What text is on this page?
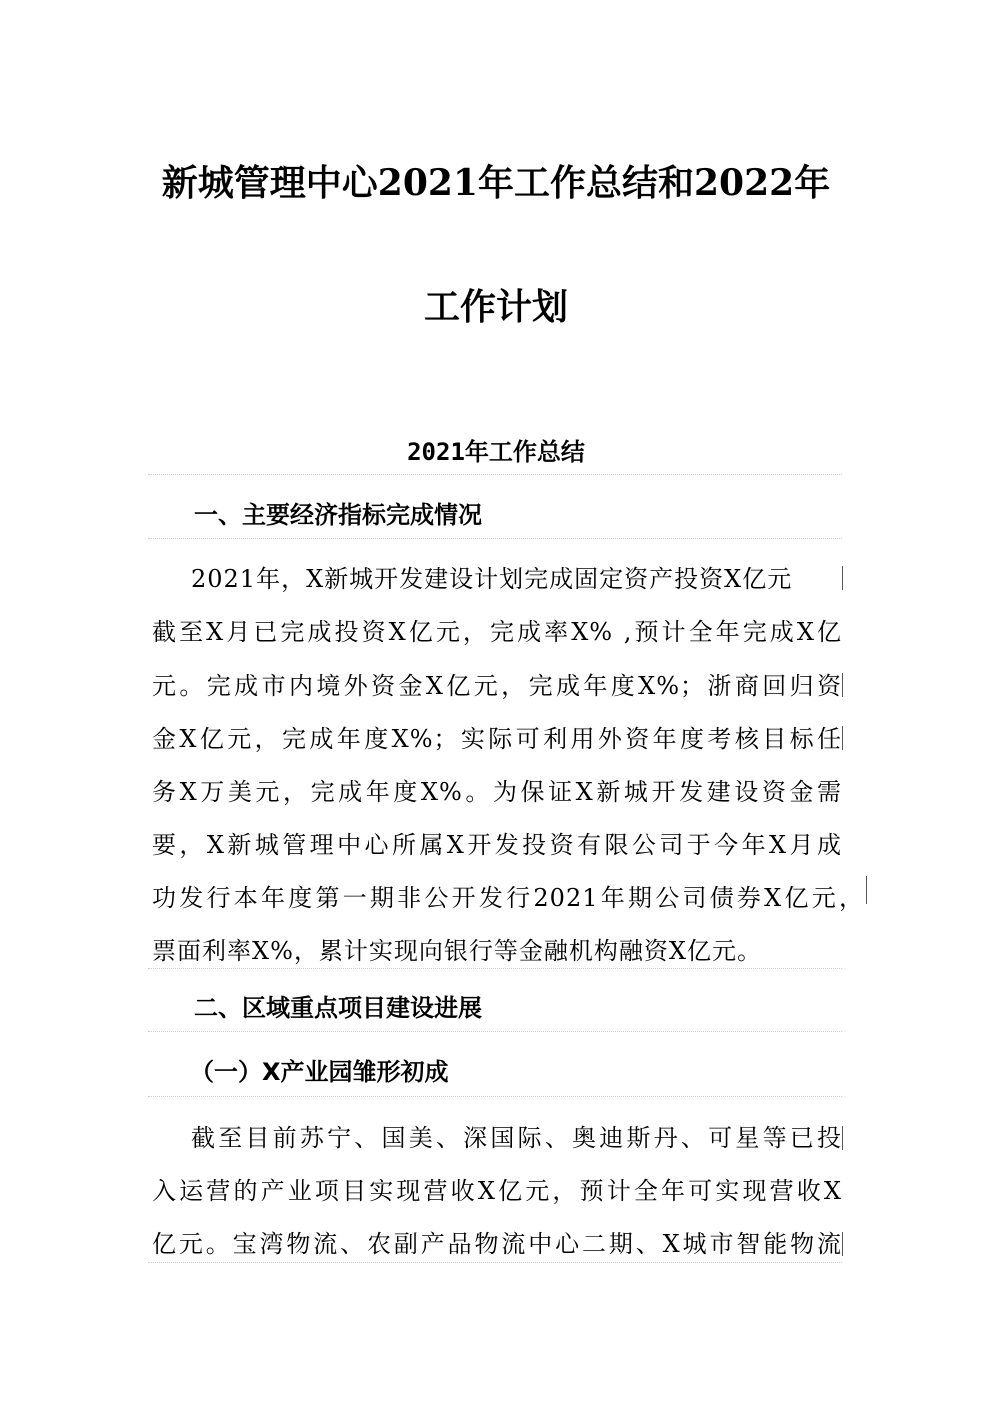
新城管理中心2021年工作总结和2022年
工作计划
2021年工作总结
一、主要经济指标完成情况
2021年，X新城开发建设计划完成固定资产投资X亿元
截至X月已完成投资X亿元，完成率X% ,预计全年完成X亿
元。完成市内境外资金X亿元，完成年度X%；浙商回归资
金X亿元，完成年度X%；实际可利用外资年度考核目标任
务X万美元，完成年度X%。为保证X新城开发建设资金需
要，X新城管理中心所属X开发投资有限公司于今年X月成
功发行本年度第一期非公开发行2021年期公司债券X亿元，
票面利率X%，累计实现向银行等金融机构融资X亿元。
二、区域重点项目建设进展
（一）X产业园雏形初成
截至目前苏宁、国美、深国际、奥迪斯丹、可星等已投
入运营的产业项目实现营收X亿元，预计全年可实现营收X
亿元。宝湾物流、农副产品物流中心二期、X城市智能物流
